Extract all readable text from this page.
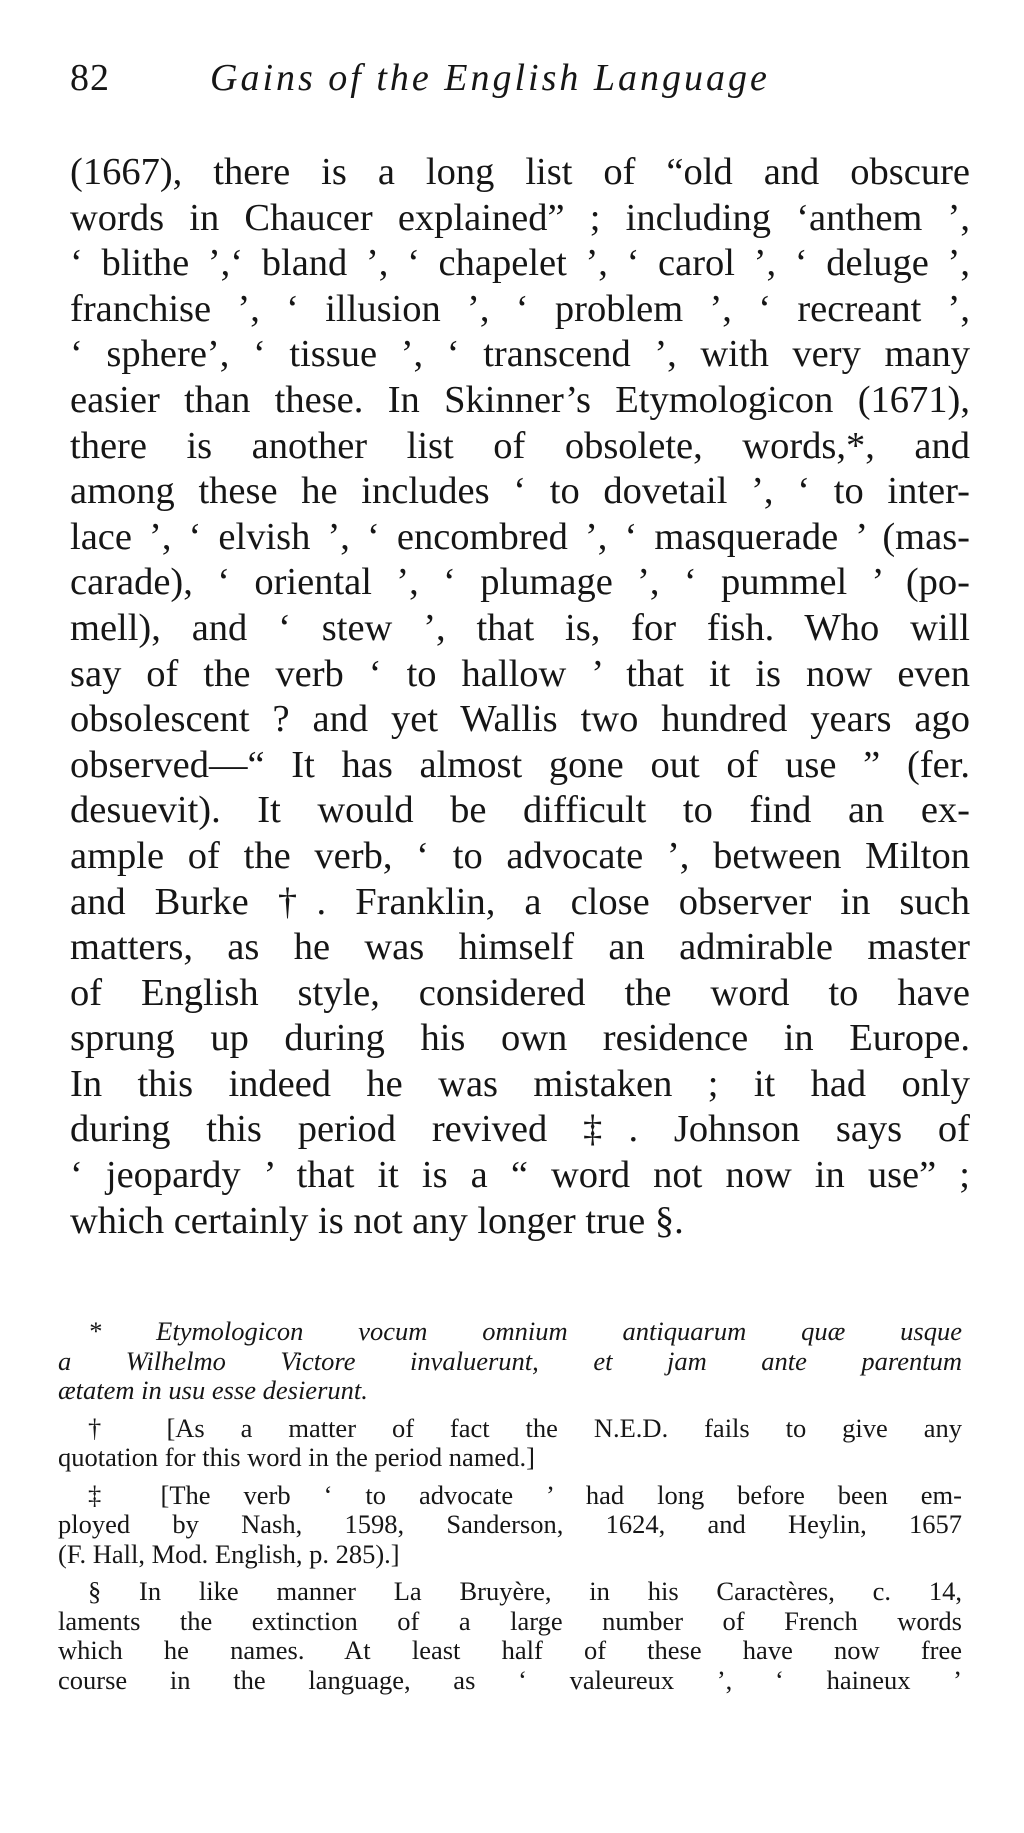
82	Gains of the English Language
(1667), there is a long list of “old and obscure
words in Chaucer explained” ; including ‘anthem ’,
‘ blithe ’,‘ bland ’, ‘ chapelet ’, ‘ carol ’, ‘ deluge ’,
franchise ’, ‘ illusion ’, ‘ problem ’, ‘ recreant ’,
‘ sphere’, ‘ tissue ’, ‘ transcend ’, with very many
easier than these. In Skinner’s Etymologicon (1671),
there is another list of obsolete, words,*, and
among these he includes ‘ to dovetail ’, ‘ to inter-
lace ’, ‘ elvish ’, ‘ encombred ’, ‘ masquerade ’ (mas-
carade), ‘ oriental ’, ‘ plumage ’, ‘ pummel ’ (po-
mell), and ‘ stew ’, that is, for fish. Who will
say of the verb ‘ to hallow ’ that it is now even
obsolescent ? and yet Wallis two hundred years ago
observed—“ It has almost gone out of use ” (fer.
desuevit). It would be difficult to find an ex-
ample of the verb, ‘ to advocate ’, between Milton
and Burke †. Franklin, a close observer in such
matters, as he was himself an admirable master
of English style, considered the word to have
sprung up during his own residence in Europe.
In this indeed he was mistaken ; it had only
during this period revived ‡. Johnson says of
‘ jeopardy ’ that it is a “ word not now in use” ;
which certainly is not any longer true §.
* Etymologicon vocum omnium antiquarum quæ usque
a Wilhelmo Victore invaluerunt, et jam ante parentum
ætatem in usu esse desierunt.
† [As a matter of fact the N.E.D. fails to give any
quotation for this word in the period named.]
‡ [The verb ‘ to advocate ’ had long before been em-
ployed by Nash, 1598, Sanderson, 1624, and Heylin, 1657
(F. Hall, Mod. English, p. 285).]
§ In like manner La Bruyère, in his Caractères, c. 14,
laments the extinction of a large number of French words
which he names. At least half of these have now free
course in the language, as ‘ valeureux ’, ‘ haineux ’
